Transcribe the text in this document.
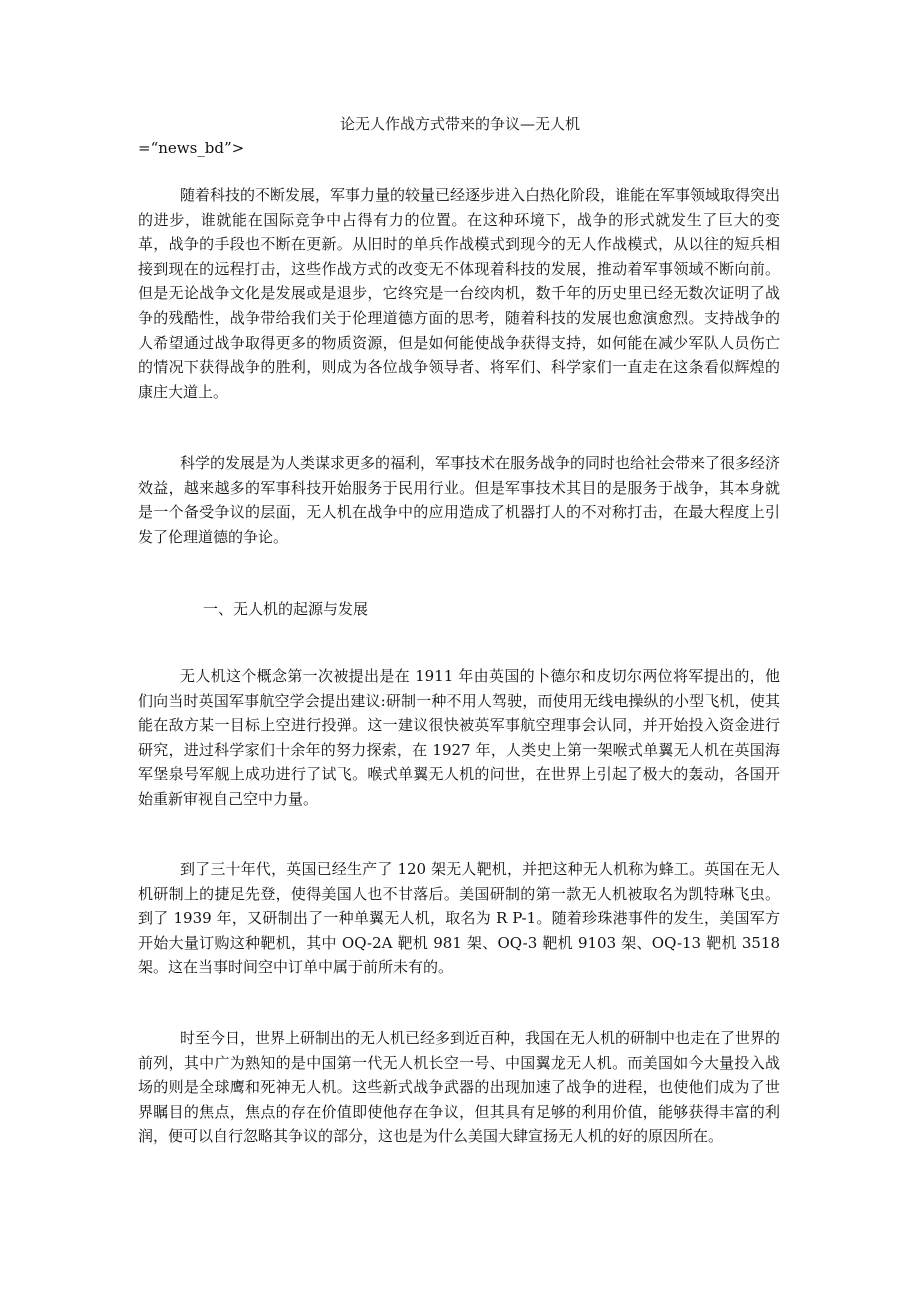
论无人作战方式带来的争议—无人机
=“news_bd”>

随着科技的不断发展，军事力量的较量已经逐步进入白热化阶段，谁能在军事领域取得突出的进步，谁就能在国际竞争中占得有力的位置。在这种环境下，战争的形式就发生了巨大的变革，战争的手段也不断在更新。从旧时的单兵作战模式到现今的无人作战模式，从以往的短兵相接到现在的远程打击，这些作战方式的改变无不体现着科技的发展，推动着军事领域不断向前。但是无论战争文化是发展或是退步，它终究是一台绞肉机，数千年的历史里已经无数次证明了战争的残酷性，战争带给我们关于伦理道德方面的思考，随着科技的发展也愈演愈烈。支持战争的人希望通过战争取得更多的物质资源，但是如何能使战争获得支持，如何能在减少军队人员伤亡的情况下获得战争的胜利，则成为各位战争领导者、将军们、科学家们一直走在这条看似辉煌的康庄大道上。

科学的发展是为人类谋求更多的福利，军事技术在服务战争的同时也给社会带来了很多经济效益，越来越多的军事科技开始服务于民用行业。但是军事技术其目的是服务于战争，其本身就是一个备受争议的层面，无人机在战争中的应用造成了机器打人的不对称打击，在最大程度上引发了伦理道德的争论。

一、无人机的起源与发展

无人机这个概念第一次被提出是在 1911 年由英国的卜德尔和皮切尔两位将军提出的，他们向当时英国军事航空学会提出建议:研制一种不用人驾驶，而使用无线电操纵的小型飞机，使其能在敌方某一目标上空进行投弹。这一建议很快被英军事航空理事会认同，并开始投入资金进行研究，进过科学家们十余年的努力探索，在 1927 年，人类史上第一架喉式单翼无人机在英国海军堡泉号军舰上成功进行了试飞。喉式单翼无人机的问世，在世界上引起了极大的轰动，各国开始重新审视自己空中力量。

到了三十年代，英国已经生产了 120 架无人靶机，并把这种无人机称为蜂工。英国在无人机研制上的捷足先登，使得美国人也不甘落后。美国研制的第一款无人机被取名为凯特琳飞虫。到了 1939 年，又研制出了一种单翼无人机，取名为 R P-1。随着珍珠港事件的发生，美国军方开始大量订购这种靶机，其中 OQ-2A 靶机 981 架、OQ-3 靶机 9103 架、OQ-13 靶机 3518 架。这在当事时间空中订单中属于前所未有的。

时至今日，世界上研制出的无人机已经多到近百种，我国在无人机的研制中也走在了世界的前列，其中广为熟知的是中国第一代无人机长空一号、中国翼龙无人机。而美国如今大量投入战场的则是全球鹰和死神无人机。这些新式战争武器的出现加速了战争的进程，也使他们成为了世界瞩目的焦点，焦点的存在价值即使他存在争议，但其具有足够的利用价值，能够获得丰富的利润，便可以自行忽略其争议的部分，这也是为什么美国大肆宣扬无人机的好的原因所在。
